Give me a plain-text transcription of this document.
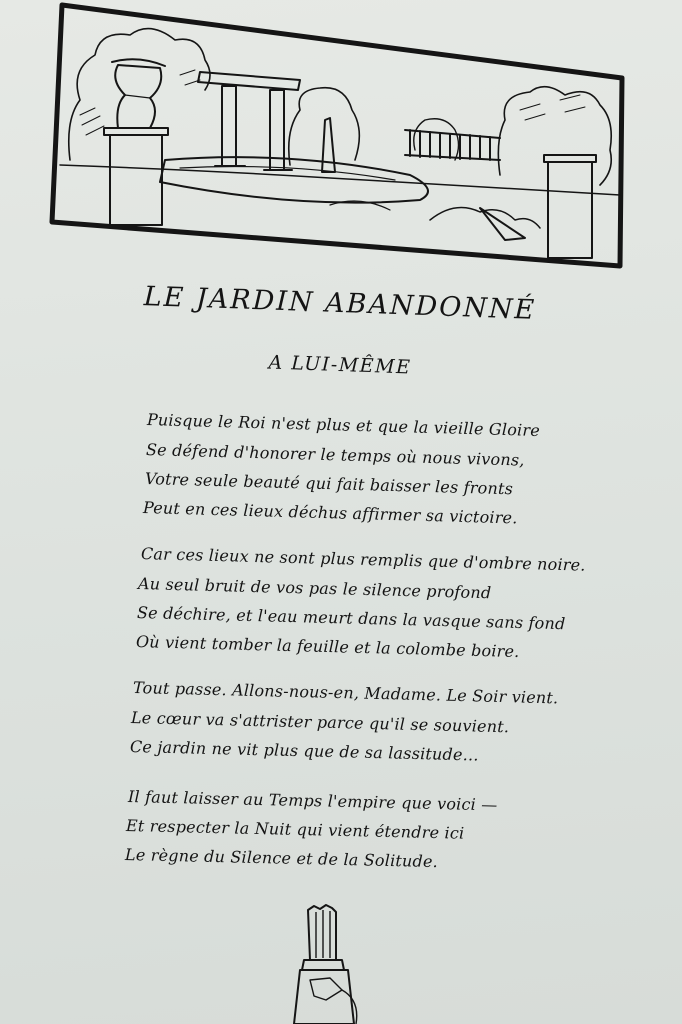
LE JARDIN ABANDONNÉ
A LUI-MÊME
Puisque le Roi n'est plus et que la vieille Gloire
Se défend d'honorer le temps où nous vivons,
Votre seule beauté qui fait baisser les fronts
Peut en ces lieux déchus affirmer sa victoire.
Car ces lieux ne sont plus remplis que d'ombre noire.
Au seul bruit de vos pas le silence profond
Se déchire, et l'eau meurt dans la vasque sans fond
Où vient tomber la feuille et la colombe boire.
Tout passe. Allons-nous-en, Madame. Le Soir vient.
Le cœur va s'attrister parce qu'il se souvient.
Ce jardin ne vit plus que de sa lassitude…
Il faut laisser au Temps l'empire que voici —
Et respecter la Nuit qui vient étendre ici
Le règne du Silence et de la Solitude.
